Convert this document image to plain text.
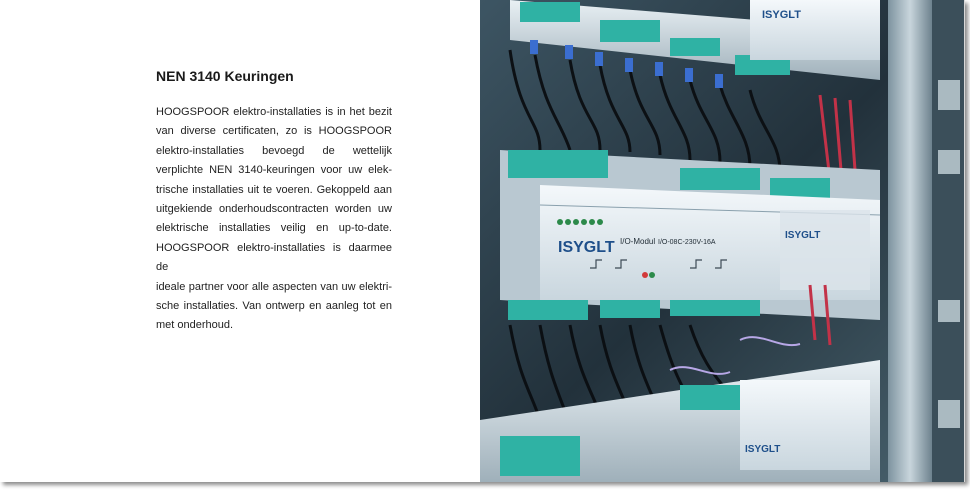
NEN 3140 Keuringen
HOOGSPOOR elektro-installaties is in het bezit
van diverse certificaten, zo is HOOGSPOOR
elektro-installaties bevoegd de wettelijk
verplichte NEN 3140-keuringen voor uw elek-
trische installaties uit te voeren. Gekoppeld aan
uitgekiende onderhoudscontracten worden uw
elektrische installaties veilig en up-to-date.
HOOGSPOOR elektro-installaties is daarmee de
ideale partner voor alle aspecten van uw elektri-
sche installaties. Van ontwerp en aanleg tot en
met onderhoud.
ISYGLT
ISYGLT I/O-Modul I/O-08C-230V-16A
ISYGLT
ISYGLT
